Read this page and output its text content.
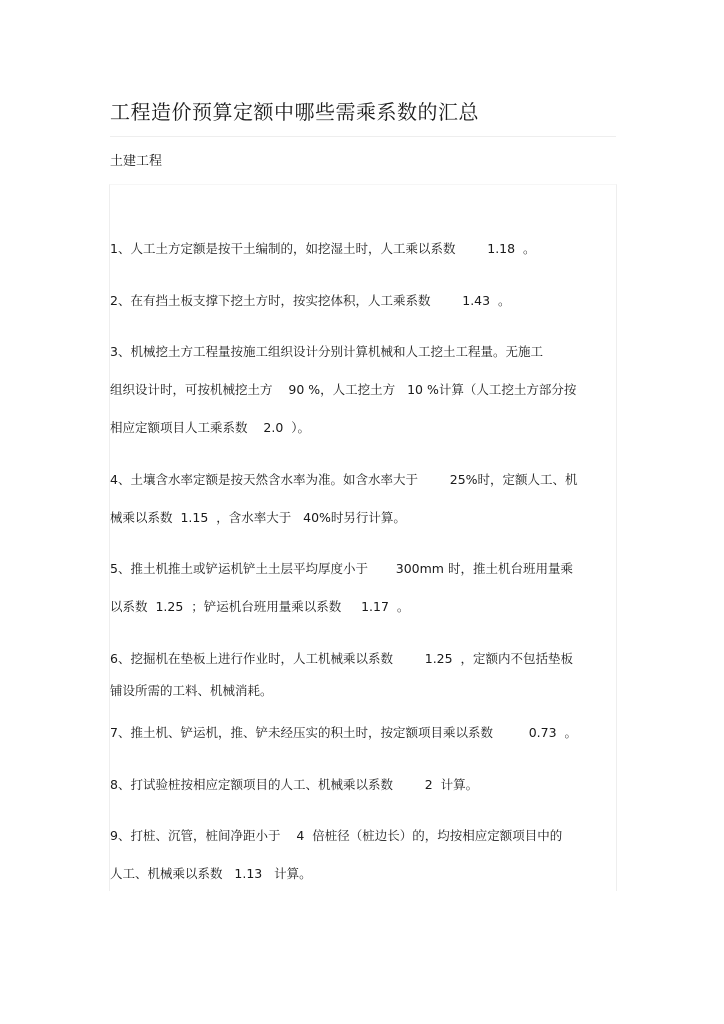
工程造价预算定额中哪些需乘系数的汇总
土建工程
1、人工土方定额是按干土编制的，如挖湿土时，人工乘以系数        1.18  。
2、在有挡土板支撑下挖土方时，按实挖体积，人工乘系数        1.43  。
3、机械挖土方工程量按施工组织设计分别计算机械和人工挖土工程量。无施工
组织设计时，可按机械挖土方    90 %，人工挖土方   10 %计算（人工挖土方部分按
相应定额项目人工乘系数    2.0  ）。
4、土壤含水率定额是按天然含水率为准。如含水率大于        25%时，定额人工、机
械乘以系数  1.15  ，含水率大于   40%时另行计算。
5、推土机推土或铲运机铲土土层平均厚度小于       300mm 时，推土机台班用量乘
以系数  1.25  ；铲运机台班用量乘以系数     1.17  。
6、挖掘机在垫板上进行作业时，人工机械乘以系数        1.25  ，定额内不包括垫板
铺设所需的工料、机械消耗。
7、推土机、铲运机，推、铲未经压实的积土时，按定额项目乘以系数         0.73  。
8、打试验桩按相应定额项目的人工、机械乘以系数        2  计算。
9、打桩、沉管，桩间净距小于    4  倍桩径（桩边长）的，均按相应定额项目中的
人工、机械乘以系数   1.13   计算。
